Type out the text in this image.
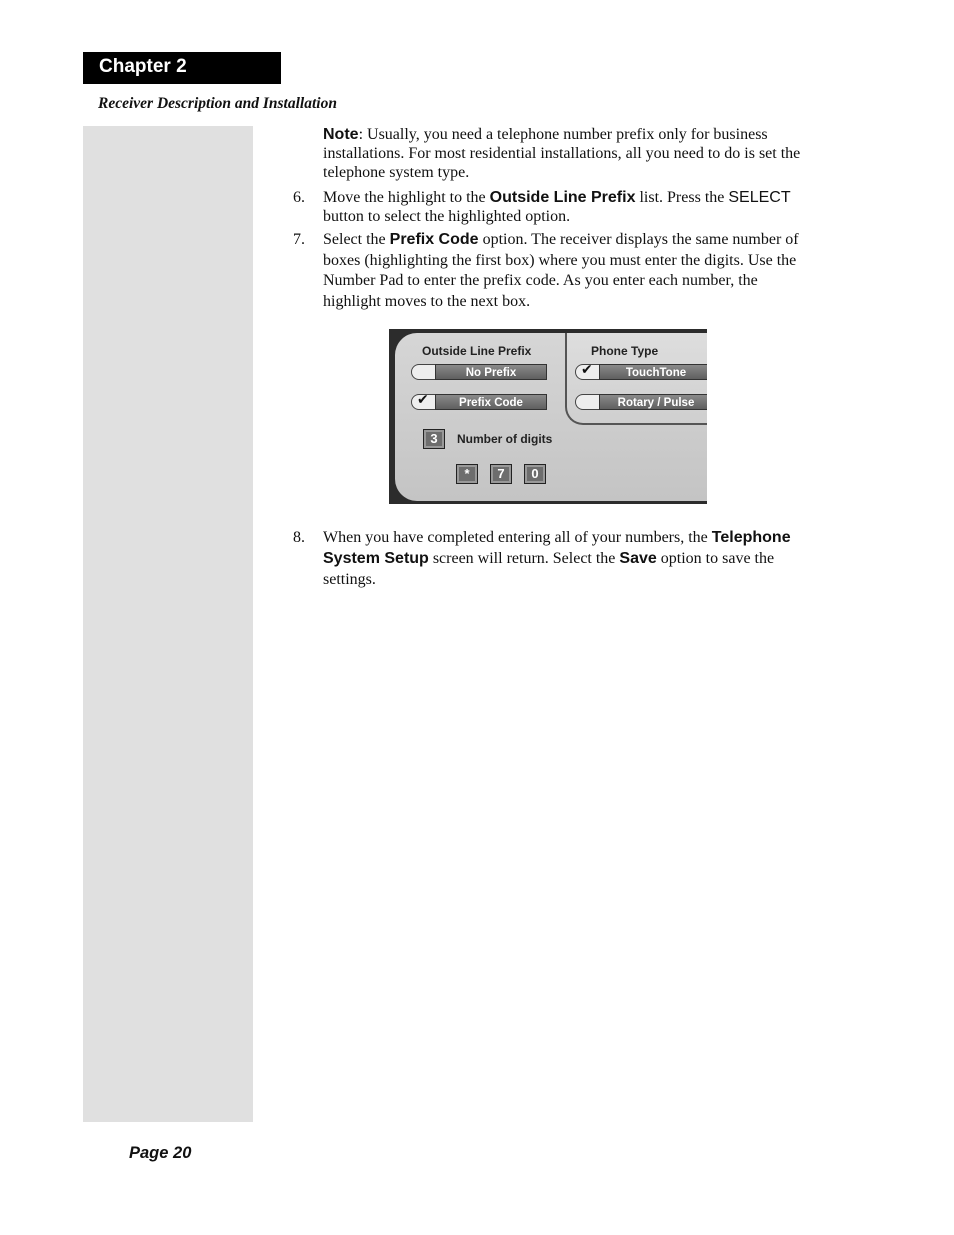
Chapter 2
Receiver Description and Installation
Note: Usually, you need a telephone number prefix only for business installations. For most residential installations, all you need to do is set the telephone system type.
6.	Move the highlight to the Outside Line Prefix list. Press the SELECT button to select the highlighted option.
7.	Select the Prefix Code option. The receiver displays the same number of boxes (highlighting the first box) where you must enter the digits. Use the Number Pad to enter the prefix code. As you enter each number, the highlight moves to the next box.
Outside Line Prefix
No Prefix
✔	Prefix Code
Phone Type
✔	TouchTone
Rotary / Pulse
3	Number of digits
*	7	0
8.	When you have completed entering all of your numbers, the Telephone System Setup screen will return. Select the Save option to save the settings.
Page 20
